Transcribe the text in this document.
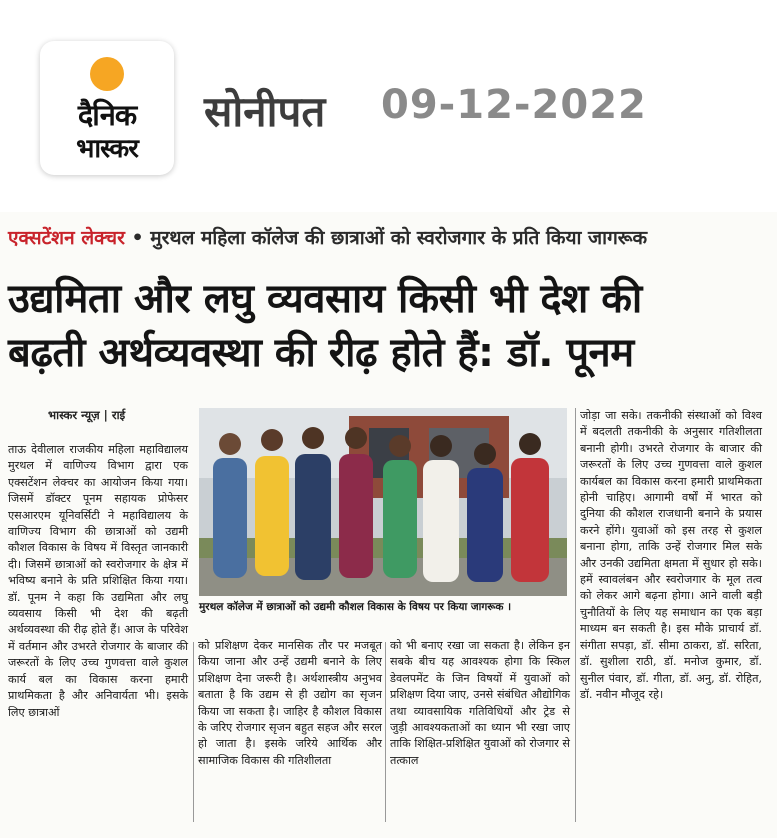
दैनिक
भास्कर
सोनीपत 09-12-2022
एक्सटेंशन लेक्चर • मुरथल महिला कॉलेज की छात्राओं को स्वरोजगार के प्रति किया जागरूक
उद्यमिता और लघु व्यवसाय किसी भी देश की
बढ़ती अर्थव्यवस्था की रीढ़ होते हैं: डॉ. पूनम
भास्कर न्यूज़ | राई

ताऊ देवीलाल राजकीय महिला महाविद्यालय मुरथल में वाणिज्य विभाग द्वारा एक एक्सटेंशन लेक्चर का आयोजन किया गया। जिसमें डॉक्टर पूनम सहायक प्रोफेसर एसआरएम यूनिवर्सिटी ने महाविद्यालय के वाणिज्य विभाग की छात्राओं को उद्यमी कौशल विकास के विषय में विस्तृत जानकारी दी। जिसमें छात्राओं को स्वरोजगार के क्षेत्र में भविष्य बनाने के प्रति प्रशिक्षित किया गया। डॉ. पूनम ने कहा कि उद्यमिता और लघु व्यवसाय किसी भी देश की बढ़ती अर्थव्यवस्था की रीढ़ होते हैं। आज के परिवेश में वर्तमान और उभरते रोजगार के बाजार की जरूरतों के लिए उच्च गुणवत्ता वाले कुशल कार्य बल का विकास करना हमारी प्राथमिकता है और अनिवार्यता भी। इसके लिए छात्राओं

मुरथल कॉलेज में छात्राओं को उद्यमी कौशल विकास के विषय पर किया जागरूक ।

को प्रशिक्षण देकर मानसिक तौर पर मजबूत किया जाना और उन्हें उद्यमी बनाने के लिए प्रशिक्षण देना जरूरी है। अर्थशास्त्रीय अनुभव बताता है कि उद्यम से ही उद्योग का सृजन किया जा सकता है। जाहिर है कौशल विकास के जरिए रोजगार सृजन बहुत सहज और सरल हो जाता है। इसके जरिये आर्थिक और सामाजिक विकास की गतिशीलता

को भी बनाए रखा जा सकता है। लेकिन इन सबके बीच यह आवश्यक होगा कि स्किल डेवलपमेंट के जिन विषयों में युवाओं को प्रशिक्षण दिया जाए, उनसे संबंधित औद्योगिक तथा व्यावसायिक गतिविधियों और ट्रेड से जुड़ी आवश्यकताओं का ध्यान भी रखा जाए ताकि शिक्षित-प्रशिक्षित युवाओं को रोजगार से तत्काल

जोड़ा जा सके। तकनीकी संस्थाओं को विश्व में बदलती तकनीकी के अनुसार गतिशीलता बनानी होगी। उभरते रोजगार के बाजार की जरूरतों के लिए उच्च गुणवत्ता वाले कुशल कार्यबल का विकास करना हमारी प्राथमिकता होनी चाहिए। आगामी वर्षों में भारत को दुनिया की कौशल राजधानी बनाने के प्रयास करने होंगे। युवाओं को इस तरह से कुशल बनाना होगा, ताकि उन्हें रोजगार मिल सके और उनकी उद्यमिता क्षमता में सुधार हो सके। हमें स्वावलंबन और स्वरोजगार के मूल तत्व को लेकर आगे बढ़ना होगा। आने वाली बड़ी चुनौतियों के लिए यह समाधान का एक बड़ा माध्यम बन सकती है। इस मौके प्राचार्य डॉ. संगीता सपड़ा, डॉ. सीमा ठाकरा, डॉ. सरिता, डॉ. सुशीला राठी, डॉ. मनोज कुमार, डॉ. सुनील पंवार, डॉ. गीता, डॉ. अनु, डॉ. रोहित, डॉ. नवीन मौजूद रहे।
